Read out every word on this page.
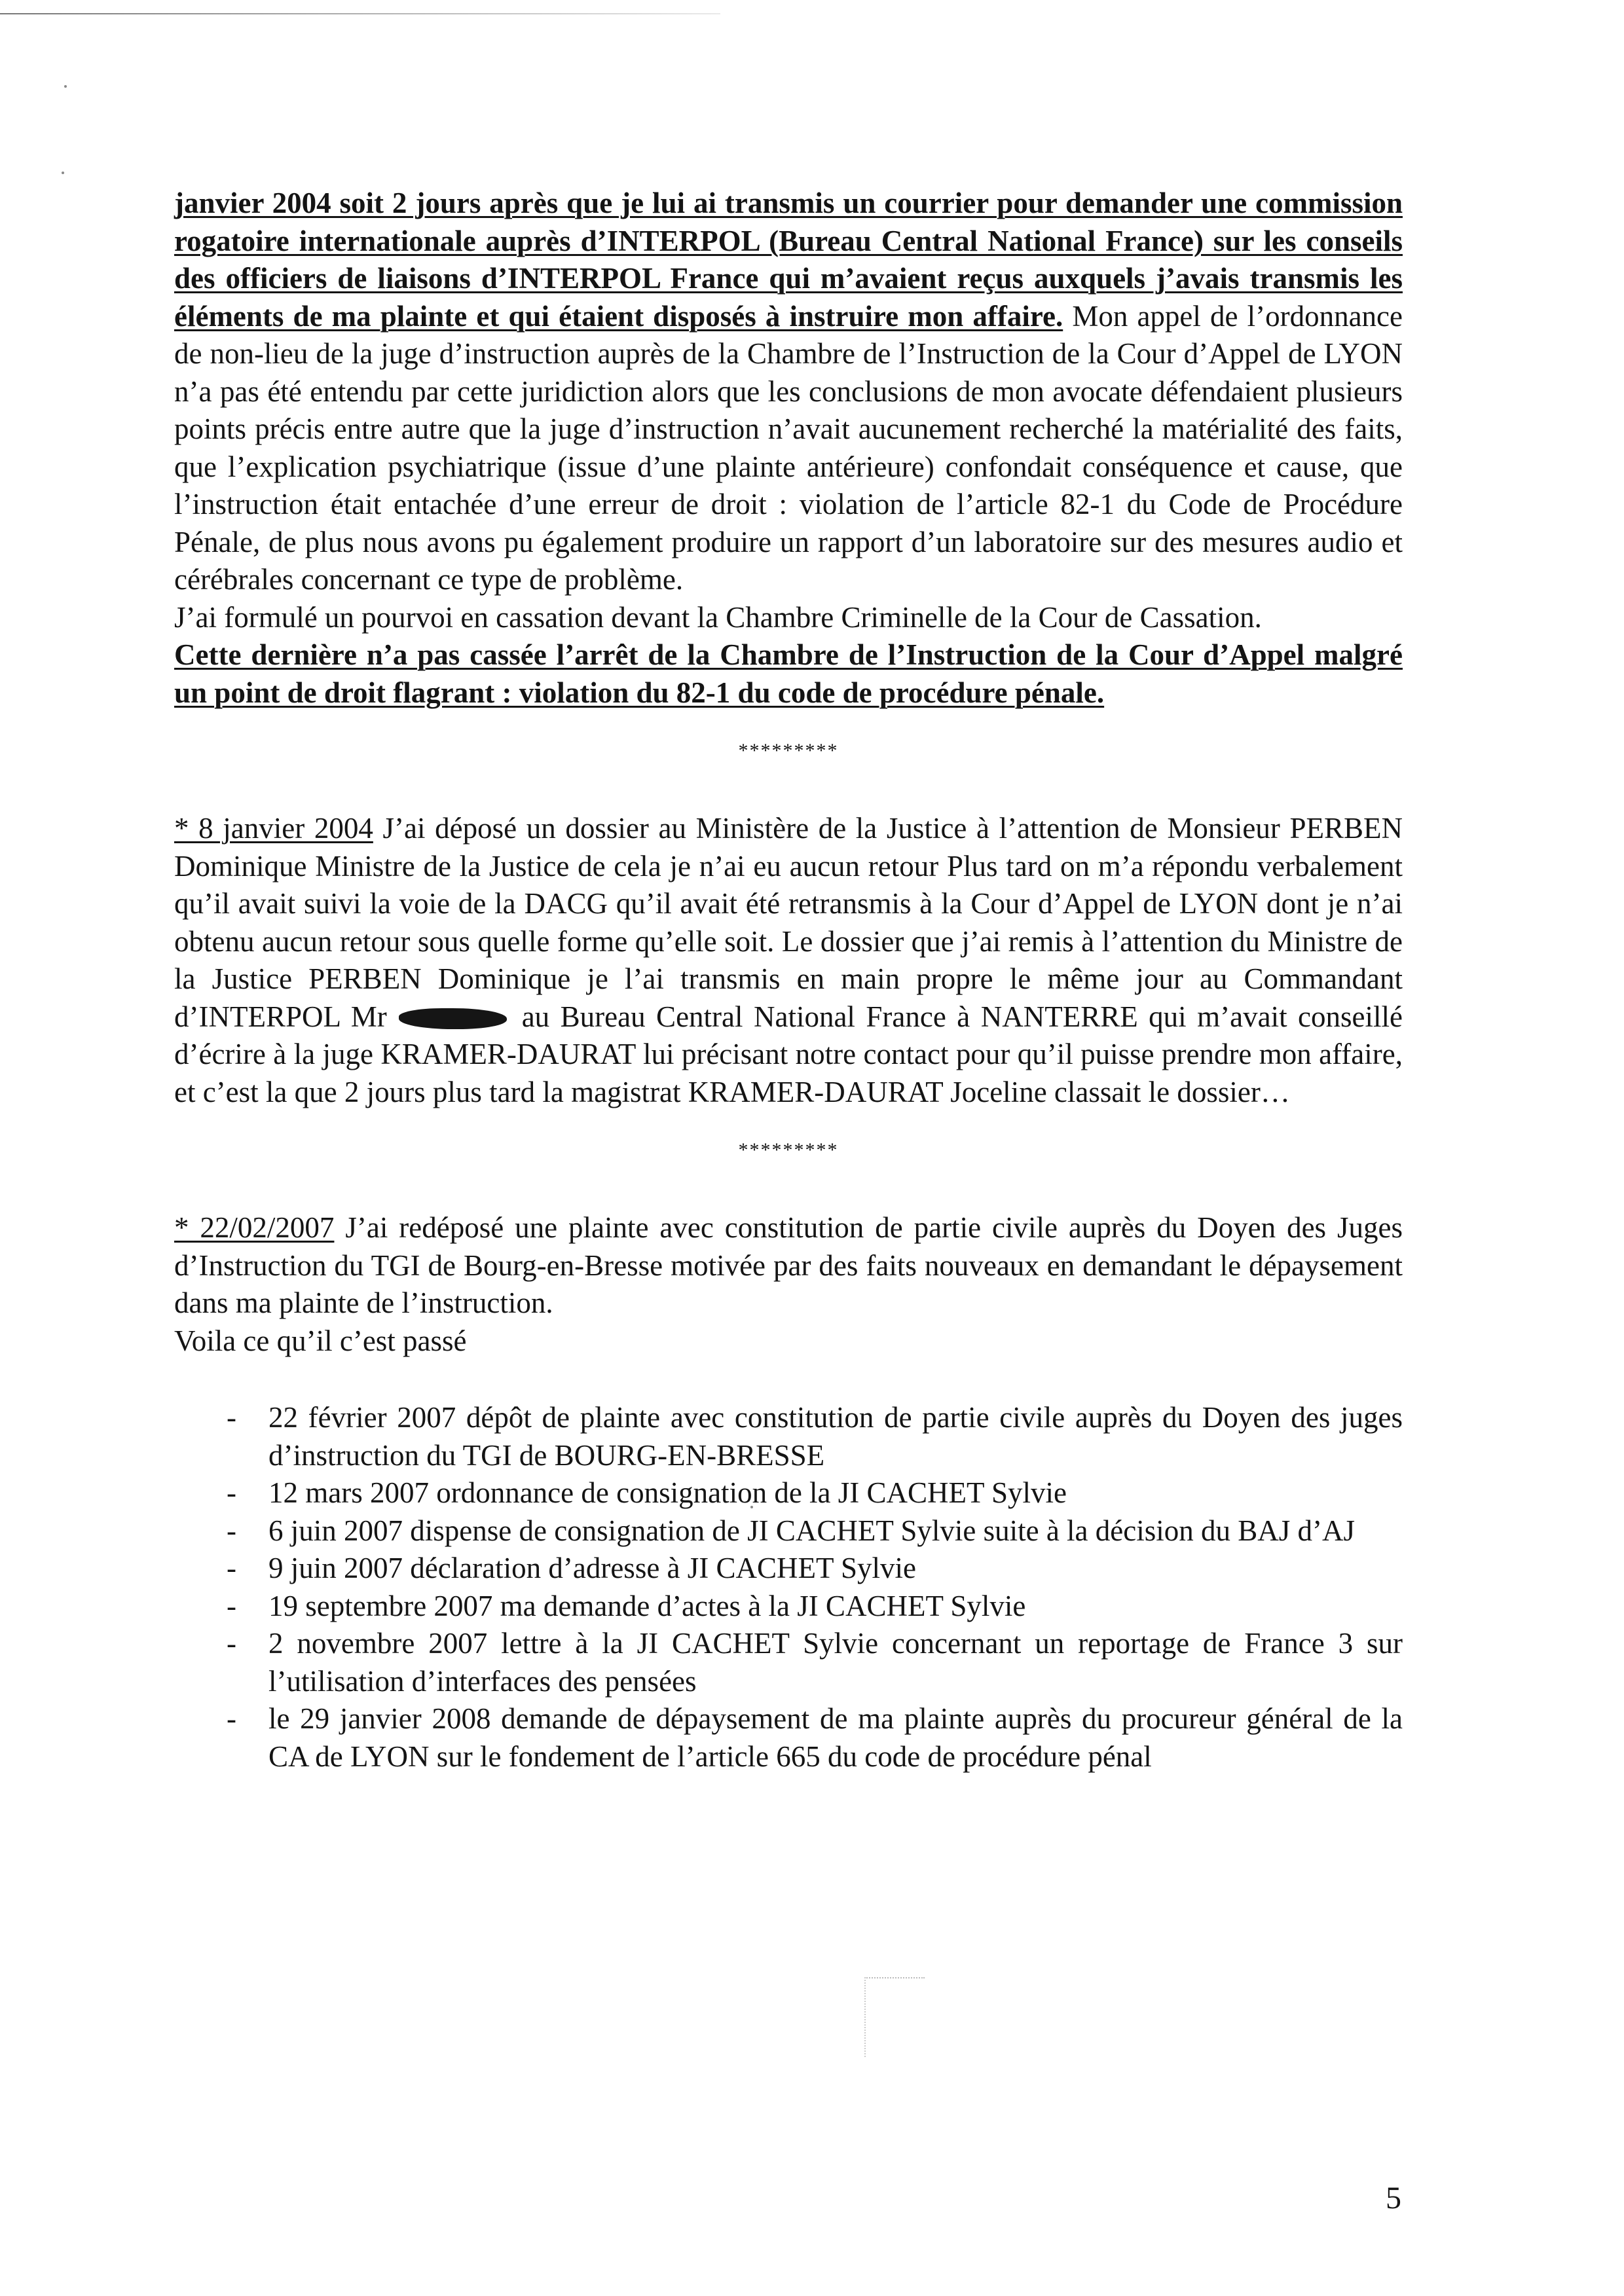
janvier 2004 soit 2 jours après que je lui ai transmis un courrier pour demander une commission rogatoire internationale auprès d’INTERPOL (Bureau Central National France) sur les conseils des officiers de liaisons d’INTERPOL France qui m’avaient reçus auxquels j’avais transmis les éléments de ma plainte et qui étaient disposés à instruire mon affaire. Mon appel de l’ordonnance de non-lieu de la juge d’instruction auprès de la Chambre de l’Instruction de la Cour d’Appel de LYON n’a pas été entendu par cette juridiction alors que les conclusions de mon avocate défendaient plusieurs points précis entre autre que la juge d’instruction n’avait aucunement recherché la matérialité des faits, que l’explication psychiatrique (issue d’une plainte antérieure) confondait conséquence et cause, que l’instruction était entachée d’une erreur de droit : violation de l’article 82-1 du Code de Procédure Pénale, de plus nous avons pu également produire un rapport d’un laboratoire sur des mesures audio et cérébrales concernant ce type de problème.

J’ai formulé un pourvoi en cassation devant la Chambre Criminelle de la Cour de Cassation.

Cette dernière n’a pas cassée l’arrêt de la Chambre de l’Instruction de la Cour d’Appel malgré un point de droit flagrant : violation du 82-1 du code de procédure pénale.

*********

* 8 janvier 2004 J’ai déposé un dossier au Ministère de la Justice à l’attention de Monsieur PERBEN Dominique Ministre de la Justice de cela je n’ai eu aucun retour Plus tard on m’a répondu verbalement qu’il avait suivi la voie de la DACG qu’il avait été retransmis à la Cour d’Appel de LYON dont je n’ai obtenu aucun retour sous quelle forme qu’elle soit. Le dossier que j’ai remis à l’attention du Ministre de la Justice PERBEN Dominique je l’ai transmis en main propre le même jour au Commandant d’INTERPOL Mr	au Bureau Central National France à NANTERRE qui m’avait conseillé d’écrire à la juge KRAMER-DAURAT lui précisant notre contact pour qu’il puisse prendre mon affaire, et c’est la que 2 jours plus tard la magistrat KRAMER-DAURAT Joceline classait le dossier…

*********

* 22/02/2007 J’ai redéposé une plainte avec constitution de partie civile auprès du Doyen des Juges d’Instruction du TGI de Bourg-en-Bresse motivée par des faits nouveaux en demandant le dépaysement dans ma plainte de l’instruction.

Voila ce qu’il c’est passé

- 22 février 2007 dépôt de plainte avec constitution de partie civile auprès du Doyen des juges d’instruction du TGI de BOURG-EN-BRESSE
- 12 mars 2007 ordonnance de consignation de la JI CACHET Sylvie
- 6 juin 2007 dispense de consignation de JI CACHET Sylvie suite à la décision du BAJ d’AJ
- 9 juin 2007 déclaration d’adresse à JI CACHET Sylvie
- 19 septembre 2007 ma demande d’actes à la JI CACHET Sylvie
- 2 novembre 2007 lettre à la JI CACHET Sylvie concernant un reportage de France 3 sur l’utilisation d’interfaces des pensées
- le 29 janvier 2008 demande de dépaysement de ma plainte auprès du procureur général de la CA de LYON sur le fondement de l’article 665 du code de procédure pénal
5
